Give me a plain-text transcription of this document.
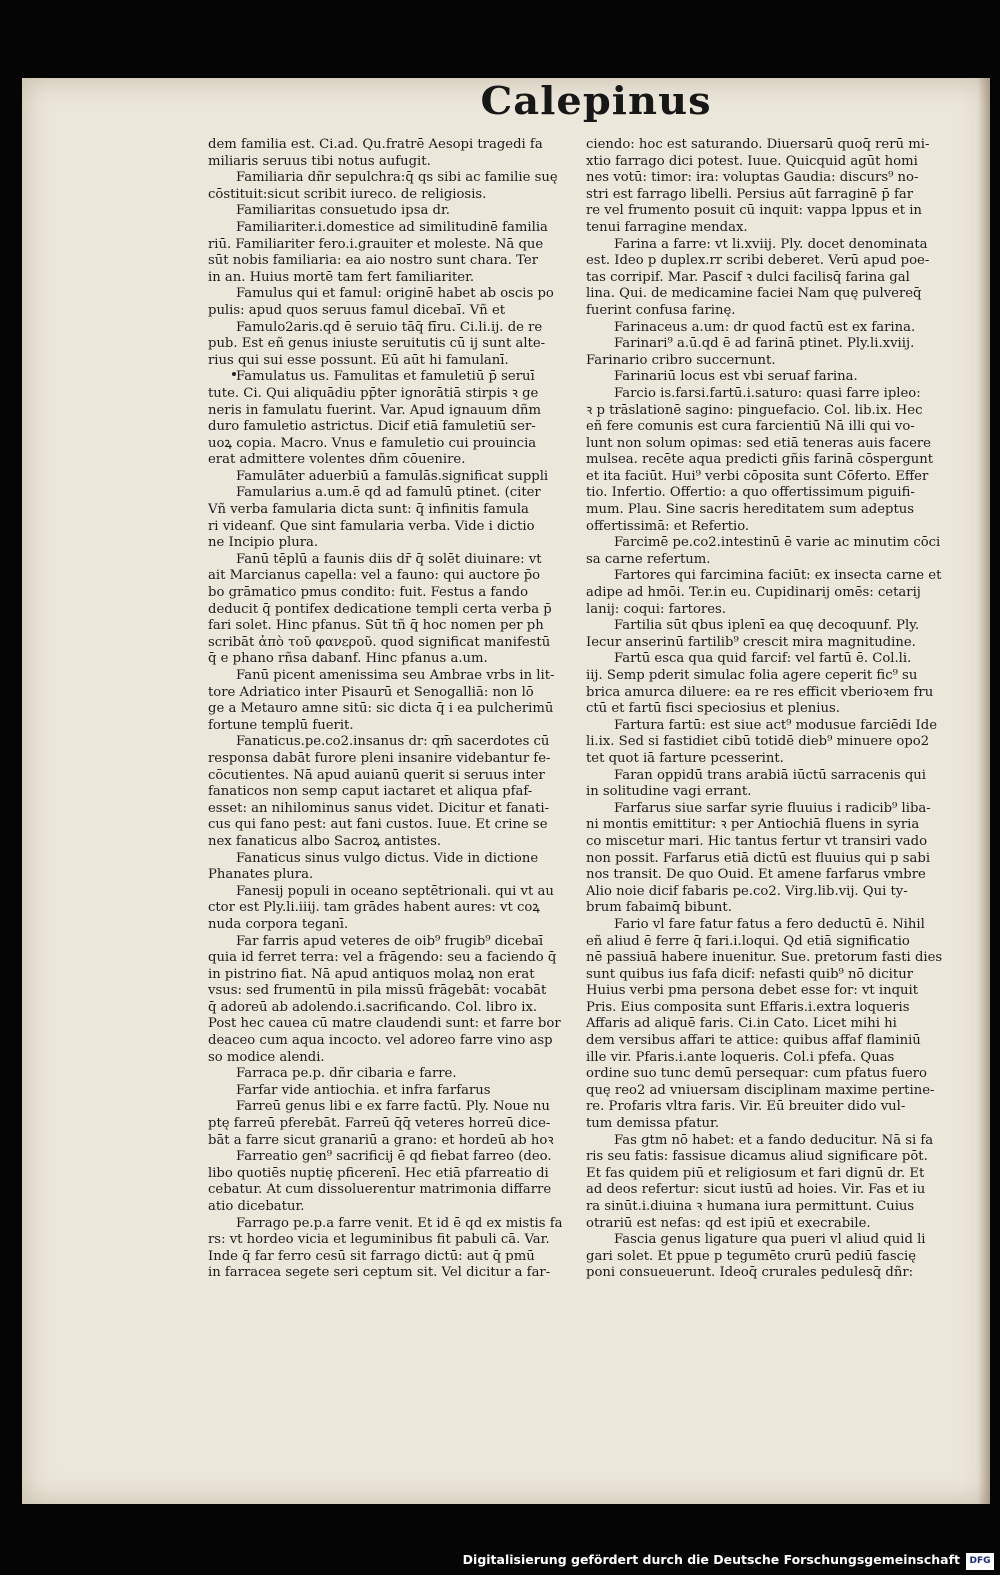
Calepinus

dem familia est. Ci.ad. Qu.fratrē Aesopi tragedi fa

miliaris seruus tibi notus aufugit.

Familiaria dñr sepulchra:q̄ qs sibi ac familie suę

cōstituit:sicut scribit iureco. de religiosis.

Familiaritas consuetudo ipsa dr.

Familiariter.i.domestice ad similitudinē familia

riū. Familiariter fero.i.grauiter et moleste. Nā que

sūt nobis familiaria: ea aio nostro sunt chara. Ter

in an. Huius mortē tam fert familiariter.

Famulus qui et famul: originē habet ab oscis po

pulis: apud quos seruus famul dicebaī. Vñ et

Famulo2aris.qd ē seruio tāq̄ fīru. Ci.li.ij. de re

pub. Est eñ genus iniuste seruitutis cū ij sunt alte-

rius qui sui esse possunt. Eū aūt hi famulanī.

Famulatus us. Famulitas et famuletiū p̄ seruī

tute. Ci. Qui aliquādiu pp̄ter ignorātiā stirpis ꝛ ge

neris in famulatu fuerint. Var. Apud ignauum dñm

duro famuletio astrictus. Dicif etiā famuletiū ser-

uoꝝ copia. Macro. Vnus e famuletio cui prouincia

erat admittere volentes dñm cōuenire.

Famulāter aduerbiū a famulās.significat suppli

Famularius a.um.ē qd ad famulū ptinet. (citer

Vñ verba famularia dicta sunt: q̄ infinitis famula

ri videanf. Que sint famularia verba. Vide i dictio

ne Incipio plura.

Fanū tēplū a faunis diis dr̄ q̄ solēt diuinare: vt

ait Marcianus capella: vel a fauno: qui auctore p̄o

bo grāmatico pmus condito: fuit. Festus a fando

deducit q̄ pontifex dedicatione templi certa verba p̄

fari solet. Hinc pfanus. Sūt tñ q̄ hoc nomen per ph

scribāt ἀπὸ τοῦ φανεροῦ. quod significat manifestū

q̄ e phano rñsa dabanf. Hinc pfanus a.um.

Fanū picent amenissima seu Ambrae vrbs in lit-

tore Adriatico inter Pisaurū et Senogalliā: non lō

ge a Metauro amne sitū: sic dicta q̄ i ea pulcherimū

fortune templū fuerit.

Fanaticus.pe.co2.insanus dr: qm̄ sacerdotes cū

responsa dabāt furore pleni insanire videbantur fe-

cōcutientes. Nā apud auianū querit si seruus inter

fanaticos non semp caput iactaret et aliqua pfaf-

esset: an nihilominus sanus videt. Dicitur et fanati-

cus qui fano pest: aut fani custos. Iuue. Et crine se

nex fanaticus albo Sacroꝝ antistes.

Fanaticus sinus vulgo dictus. Vide in dictione

Phanates plura.

Fanesij populi in oceano septētrionali. qui vt au

ctor est Ply.li.iiij. tam grādes habent aures: vt coꝝ

nuda corpora teganī.

Far farris apud veteres de oib⁹ frugib⁹ dicebaī

quia id ferret terra: vel a frāgendo: seu a faciendo q̄

in pistrino fiat. Nā apud antiquos molaꝝ non erat

vsus: sed frumentū in pila missū frāgebāt: vocabāt

q̄ adoreū ab adolendo.i.sacrificando. Col. libro ix.

Post hec cauea cū matre claudendi sunt: et farre bor

deaceo cum aqua incocto. vel adoreo farre vino asp

so modice alendi.

Farraca pe.p. dñr cibaria e farre.

Farfar vide antiochia. et infra farfarus

Farreū genus libi e ex farre factū. Ply. Noue nu

ptę farreū pferebāt. Farreū q̄q̄ veteres horreū dice-

bāt a farre sicut granariū a grano: et hordeū ab hoꝛ

Farreatio gen⁹ sacrificij ē qd fiebat farreo (deo.

libo quotiēs nuptię pficerenī. Hec etiā pfarreatio di

cebatur. At cum dissoluerentur matrimonia diffarre

atio dicebatur.

Farrago pe.p.a farre venit. Et id ē qd ex mistis fa

rs: vt hordeo vicia et leguminibus fit pabuli cā. Var.

Inde q̄ far ferro cesū sit farrago dictū: aut q̄ pmū

in farracea segete seri ceptum sit. Vel dicitur a far-

ciendo: hoc est saturando. Diuersarū quoq̄ rerū mi-

xtio farrago dici potest. Iuue. Quicquid agūt homi

nes votū: timor: ira: voluptas Gaudia: discurs⁹ no-

stri est farrago libelli. Persius aūt farraginē p̄ far

re vel frumento posuit cū inquit: vappa lppus et in

tenui farragine mendax.

Farina a farre: vt li.xviij. Ply. docet denominata

est. Ideo p duplex.rr scribi deberet. Verū apud poe-

tas corripif. Mar. Pascif ꝛ dulci facilisq̄ farina gal

lina. Qui. de medicamine faciei Nam quę pulvereq̄

fuerint confusa farinę.

Farinaceus a.um: dr quod factū est ex farina.

Farinari⁹ a.ū.qd ē ad farinā ptinet. Ply.li.xviij.

Farinario cribro succernunt.

Farinariū locus est vbi seruaf farina.

Farcio is.farsi.fartū.i.saturo: quasi farre ipleo:

ꝛ p trāslationē sagino: pinguefacio. Col. lib.ix. Hec

eñ fere comunis est cura farcientiū Nā illi qui vo-

lunt non solum opimas: sed etiā teneras auis facere

mulsea. recēte aqua predicti gñis farinā cōspergunt

et ita faciūt. Hui⁹ verbi cōposita sunt Cōferto. Effer

tio. Infertio. Offertio: a quo offertissimum piguifi-

mum. Plau. Sine sacris hereditatem sum adeptus

offertissimā: et Refertio.

Farcimē pe.co2.intestinū ē varie ac minutim cōci

sa carne refertum.

Fartores qui farcimina faciūt: ex insecta carne et

adipe ad hmōi. Ter.in eu. Cupidinarij omēs: cetarij

lanij: coqui: fartores.

Fartilia sūt qbus iplenī ea quę decoquunf. Ply.

Iecur anserinū fartilib⁹ crescit mira magnitudine.

Fartū esca qua quid farcif: vel fartū ē. Col.li.

iij. Semp pderit simulac folia agere ceperit fic⁹ su

brica amurca diluere: ea re res efficit vberioꝛem fru

ctū et fartū fisci speciosius et plenius.

Fartura fartū: est siue act⁹ modusue farciēdi Ide

li.ix. Sed si fastidiet cibū totidē dieb⁹ minuere opo2

tet quot iā farture pcesserint.

Faran oppidū trans arabiā iūctū sarracenis qui

in solitudine vagi errant.

Farfarus siue sarfar syrie fluuius i radicib⁹ liba-

ni montis emittitur: ꝛ per Antiochiā fluens in syria

co miscetur mari. Hic tantus fertur vt transiri vado

non possit. Farfarus etiā dictū est fluuius qui p sabi

nos transit. De quo Ouid. Et amene farfarus vmbre

Alio noie dicif fabaris pe.co2. Virg.lib.vij. Qui ty-

brum fabaimq̄ bibunt.

Fario vl fare fatur fatus a fero deductū ē. Nihil

eñ aliud ē ferre q̄ fari.i.loqui. Qd etiā significatio

nē passiuā habere inuenitur. Sue. pretorum fasti dies

sunt quibus ius fafa dicif: nefasti quib⁹ nō dicitur

Huius verbi pma persona debet esse for: vt inquit

Pris. Eius composita sunt Effaris.i.extra loqueris

Affaris ad aliquē faris. Ci.in Cato. Licet mihi hi

dem versibus affari te attice: quibus affaf flaminiū

ille vir. Pfaris.i.ante loqueris. Col.i pfefa. Quas

ordine suo tunc demū persequar: cum pfatus fuero

quę reo2 ad vniuersam disciplinam maxime pertine-

re. Profaris vltra faris. Vir. Eū breuiter dido vul-

tum demissa pfatur.

Fas gtm nō habet: et a fando deducitur. Nā si fa

ris seu fatis: fassisue dicamus aliud significare pōt.

Et fas quidem piū et religiosum et fari dignū dr. Et

ad deos refertur: sicut iustū ad hoies. Vir. Fas et iu

ra sinūt.i.diuina ꝛ humana iura permittunt. Cuius

otrariū est nefas: qd est ipiū et execrabile.

Fascia genus ligature qua pueri vl aliud quid li

gari solet. Et ppue p tegumēto crurū pediū fascię

poni consueuerunt. Ideoq̄ crurales pedulesq̄ dñr:

Digitalisierung gefördert durch die Deutsche Forschungsgemeinschaft	DFG
